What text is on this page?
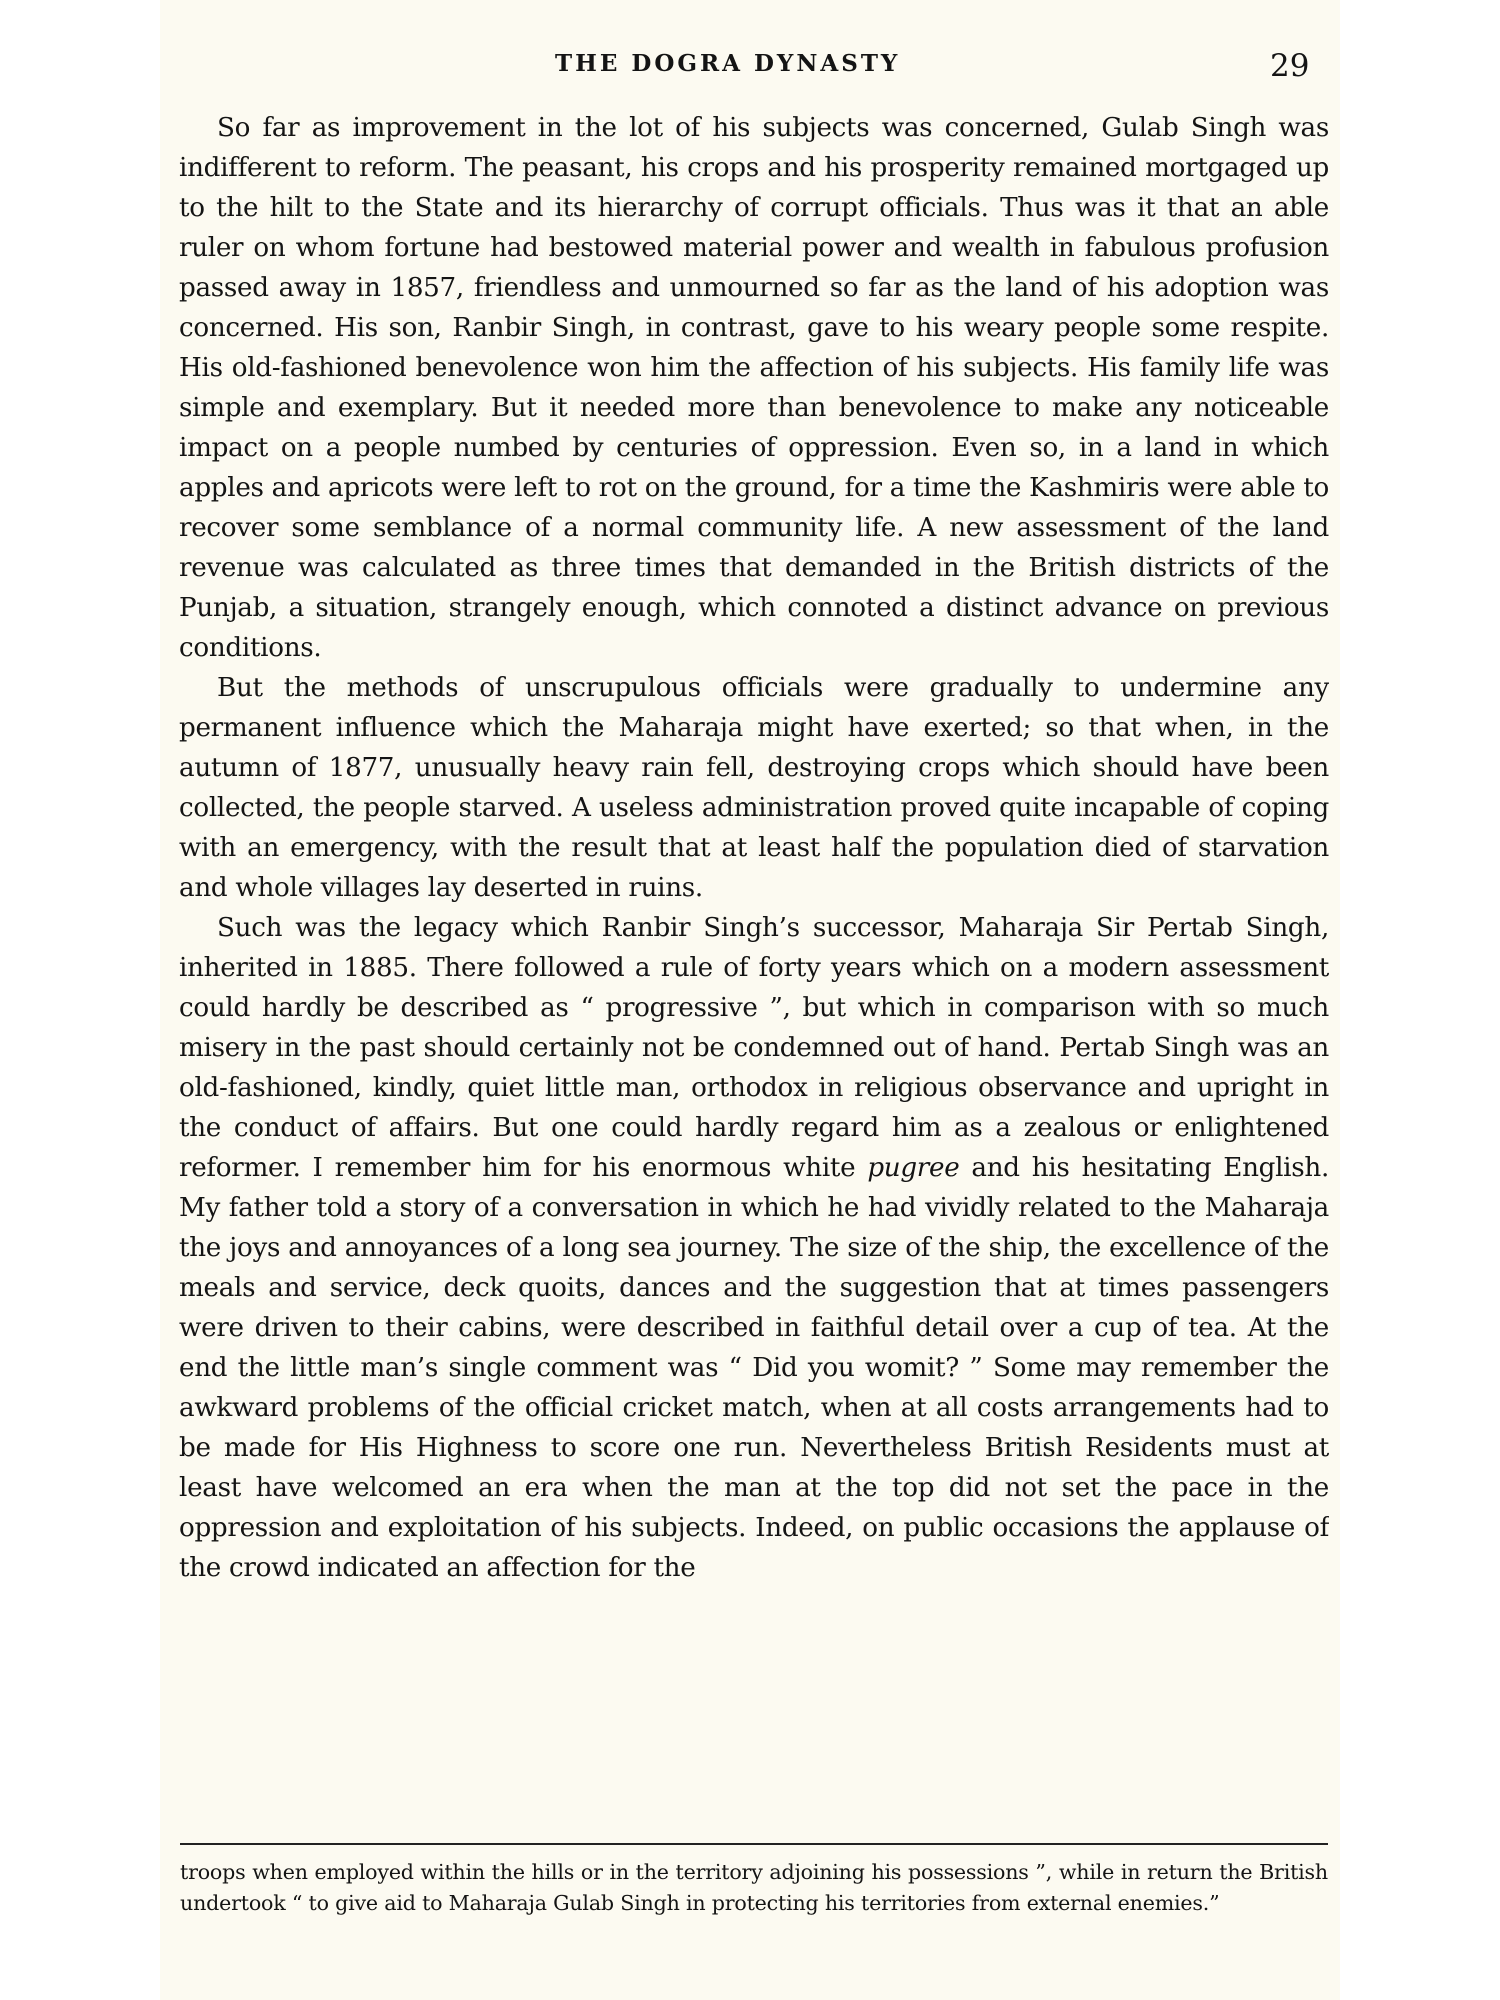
THE DOGRA DYNASTY	29

So far as improvement in the lot of his subjects was concerned, Gulab Singh was indifferent to reform. The peasant, his crops and his prosperity remained mortgaged up to the hilt to the State and its hierarchy of corrupt officials. Thus was it that an able ruler on whom fortune had bestowed material power and wealth in fabulous profusion passed away in 1857, friendless and unmourned so far as the land of his adoption was concerned. His son, Ranbir Singh, in contrast, gave to his weary people some respite. His old-fashioned benevolence won him the affection of his subjects. His family life was simple and exemplary. But it needed more than benevolence to make any noticeable impact on a people numbed by centuries of oppression. Even so, in a land in which apples and apricots were left to rot on the ground, for a time the Kashmiris were able to recover some semblance of a normal community life. A new assessment of the land revenue was calculated as three times that demanded in the British districts of the Punjab, a situation, strangely enough, which connoted a distinct advance on previous conditions.

But the methods of unscrupulous officials were gradually to undermine any permanent influence which the Maharaja might have exerted; so that when, in the autumn of 1877, unusually heavy rain fell, destroying crops which should have been collected, the people starved. A useless administration proved quite incapable of coping with an emergency, with the result that at least half the population died of starvation and whole villages lay deserted in ruins.

Such was the legacy which Ranbir Singh’s successor, Maharaja Sir Pertab Singh, inherited in 1885. There followed a rule of forty years which on a modern assessment could hardly be described as “ progressive ”, but which in comparison with so much misery in the past should certainly not be condemned out of hand. Pertab Singh was an old-fashioned, kindly, quiet little man, orthodox in religious observance and upright in the conduct of affairs. But one could hardly regard him as a zealous or enlightened reformer. I remember him for his enormous white pugree and his hesitating English. My father told a story of a conversation in which he had vividly related to the Maharaja the joys and annoyances of a long sea journey. The size of the ship, the excellence of the meals and service, deck quoits, dances and the suggestion that at times passengers were driven to their cabins, were described in faithful detail over a cup of tea. At the end the little man’s single comment was “ Did you womit? ” Some may remember the awkward problems of the official cricket match, when at all costs arrangements had to be made for His Highness to score one run. Nevertheless British Residents must at least have welcomed an era when the man at the top did not set the pace in the oppression and exploitation of his subjects. Indeed, on public occasions the applause of the crowd indicated an affection for the

troops when employed within the hills or in the territory adjoining his possessions ”, while in return the British undertook “ to give aid to Maharaja Gulab Singh in protecting his territories from external enemies.”
